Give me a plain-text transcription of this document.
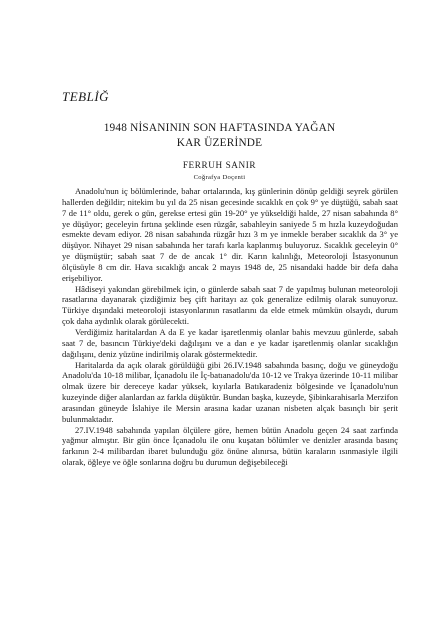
TEBLİĞ
1948 NİSANININ SON HAFTASINDA YAĞAN
KAR ÜZERİNDE
FERRUH SANIR
Coğrafya Doçenti

Anadolu'nun iç bölümlerinde, bahar ortalarında, kış günlerinin dönüp geldiği seyrek görülen hallerden değildir; nitekim bu yıl da 25 nisan gecesinde sıcaklık en çok 9° ye düştüğü, sabah saat 7 de 11° oldu, gerek o gün, gerekse ertesi gün 19-20° ye yükseldiği halde, 27 nisan sabahında 8° ye düşüyor; geceleyin fırtına şeklinde esen rüzgâr, sabahleyin saniyede 5 m hızla kuzeydoğudan esmekte devam ediyor. 28 nisan sabahında rüzgâr hızı 3 m ye inmekle beraber sıcaklık da 3° ye düşüyor. Nihayet 29 nisan sabahında her tarafı karla kaplanmış buluyoruz. Sıcaklık geceleyin 0° ye düşmüştür; sabah saat 7 de de ancak 1° dir. Karın kalınlığı, Meteoroloji İstasyonunun ölçüsüyle 8 cm dir. Hava sıcaklığı ancak 2 mayıs 1948 de, 25 nisandaki hadde bir defa daha erişebiliyor.

Hâdiseyi yakından görebilmek için, o günlerde sabah saat 7 de yapılmış bulunan meteoroloji rasatlarına dayanarak çizdiğimiz beş çift haritayı az çok generalize edilmiş olarak sunuyoruz. Türkiye dışındaki meteoroloji istasyonlarının rasatlarını da elde etmek mümkün olsaydı, durum çok daha aydınlık olarak görülecekti.

Verdiğimiz haritalardan A da E ye kadar işaretlenmiş olanlar bahis mevzuu günlerde, sabah saat 7 de, basıncın Türkiye'deki dağılışını ve a dan e ye kadar işaretlenmiş olanlar sıcaklığın dağılışını, deniz yüzüne indirilmiş olarak göstermektedir.

Haritalarda da açık olarak görüldüğü gibi 26.IV.1948 sabahında basınç, doğu ve güneydoğu Anadolu'da 10-18 milibar, İçanadolu ile İç-batıanadolu'da 10-12 ve Trakya üzerinde 10-11 milibar olmak üzere bir dereceye kadar yüksek, kıyılarla Batıkaradeniz bölgesinde ve İçanadolu'nun kuzeyinde diğer alanlardan az farkla düşüktür. Bundan başka, kuzeyde, Şibinkarahisarla Merzifon arasından güneyde İslahiye ile Mersin arasına kadar uzanan nisbeten alçak basınçlı bir şerit bulunmaktadır.

27.IV.1948 sabahında yapılan ölçülere göre, hemen bütün Anadolu geçen 24 saat zarfında yağmur almıştır. Bir gün önce İçanadolu ile onu kuşatan bölümler ve denizler arasında basınç farkının 2-4 milibardan ibaret bulunduğu göz önüne alınırsa, bütün karaların ısınmasiyle ilgili olarak, öğleye ve öğle sonlarına doğru bu durumun değişebileceği
